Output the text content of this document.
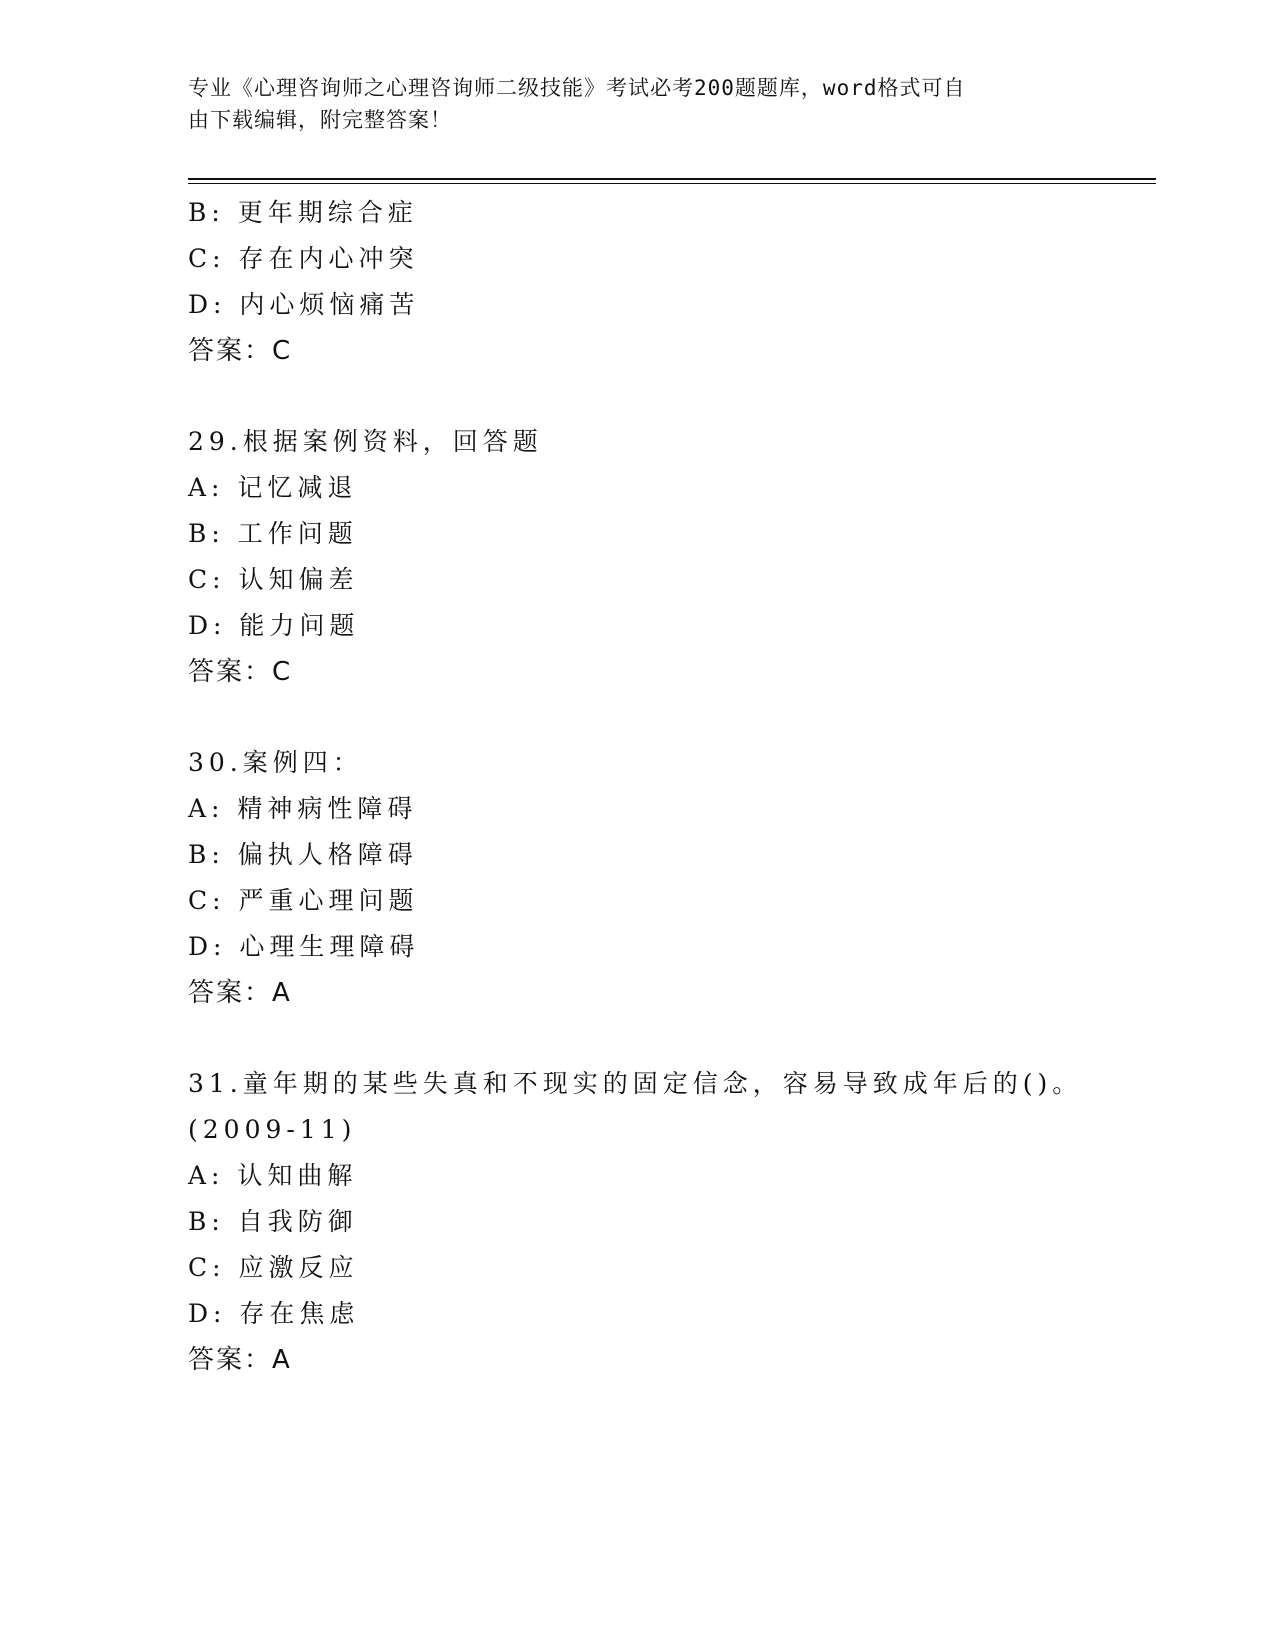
专业《心理咨询师之心理咨询师二级技能》考试必考200题题库，word格式可自
由下载编辑，附完整答案！
B: 更年期综合症
C: 存在内心冲突
D: 内心烦恼痛苦
答案：C
29.根据案例资料，回答题
A: 记忆减退
B: 工作问题
C: 认知偏差
D: 能力问题
答案：C
30.案例四：
A: 精神病性障碍
B: 偏执人格障碍
C: 严重心理问题
D: 心理生理障碍
答案：A
31.童年期的某些失真和不现实的固定信念，容易导致成年后的()。
(2009-11)
A: 认知曲解
B: 自我防御
C: 应激反应
D: 存在焦虑
答案：A
